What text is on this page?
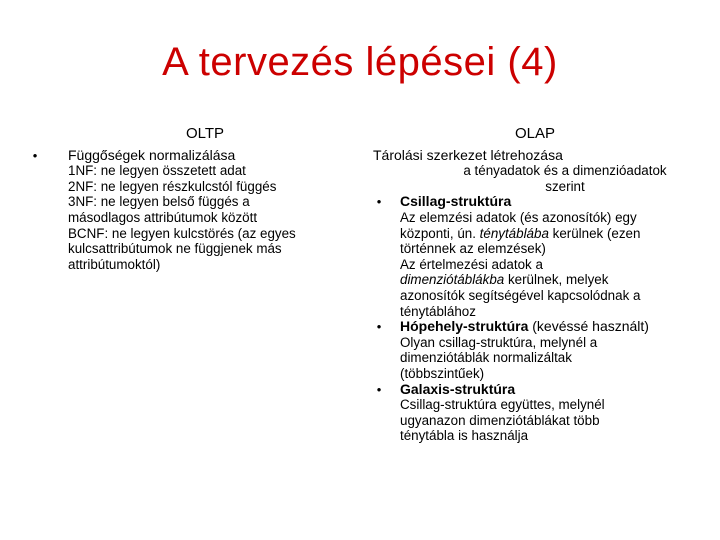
A tervezés lépései (4)
OLTP
• Függőségek normalizálása
1NF: ne legyen összetett adat
2NF: ne legyen részkulcstól függés
3NF: ne legyen belső függés a
másodlagos attribútumok között
BCNF: ne legyen kulcstörés (az egyes
kulcsattribútumok ne függjenek más
attribútumoktól)
OLAP
Tárolási szerkezet létrehozása
a tényadatok és a dimenzióadatok
szerint
• Csillag-struktúra
Az elemzési adatok (és azonosítók) egy
központi, ún. ténytáblába kerülnek (ezen
történnek az elemzések)
Az értelmezési adatok a
dimenziótáblákba kerülnek, melyek
azonosítók segítségével kapcsolódnak a
ténytáblához
• Hópehely-struktúra (kevéssé használt)
Olyan csillag-struktúra, melynél a
dimenziótáblák normalizáltak
(többszintűek)
• Galaxis-struktúra
Csillag-struktúra együttes, melynél
ugyanazon dimenziótáblákat több
ténytábla is használja
